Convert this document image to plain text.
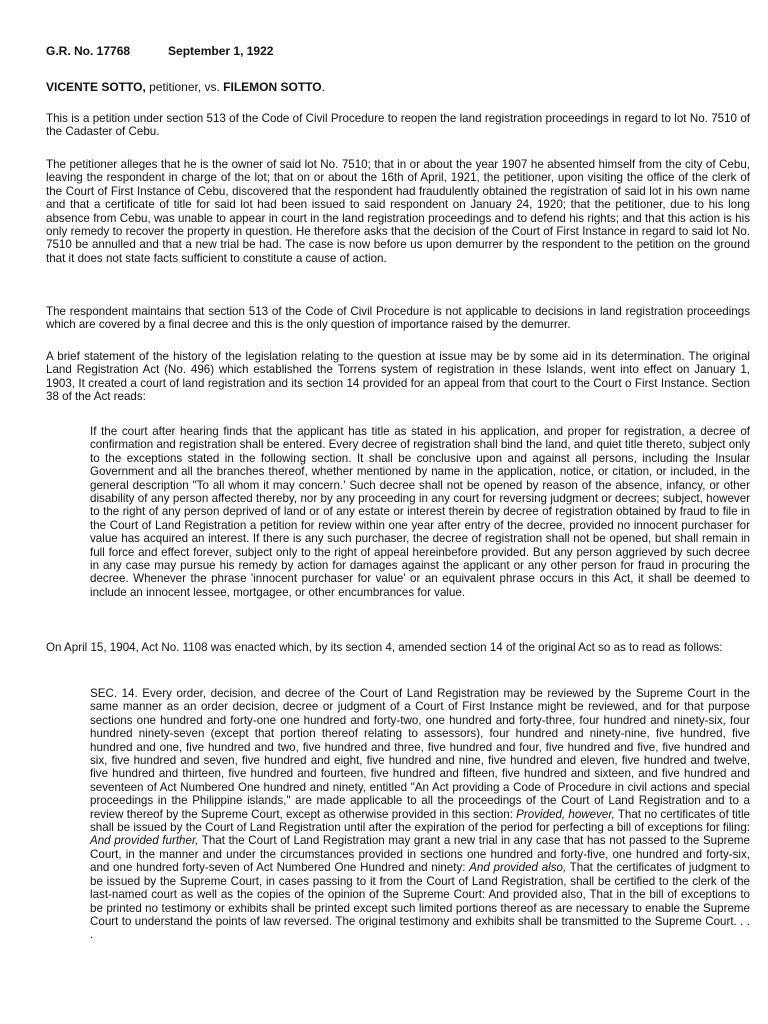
G.R. No. 17768	September 1, 1922

VICENTE SOTTO, petitioner, vs. FILEMON SOTTO.

This is a petition under section 513 of the Code of Civil Procedure to reopen the land registration proceedings in regard to lot No. 7510 of the Cadaster of Cebu.

The petitioner alleges that he is the owner of said lot No. 7510; that in or about the year 1907 he absented himself from the city of Cebu, leaving the respondent in charge of the lot; that on or about the 16th of April, 1921, the petitioner, upon visiting the office of the clerk of the Court of First Instance of Cebu, discovered that the respondent had fraudulently obtained the registration of said lot in his own name and that a certificate of title for said lot had been issued to said respondent on January 24, 1920; that the petitioner, due to his long absence from Cebu, was unable to appear in court in the land registration proceedings and to defend his rights; and that this action is his only remedy to recover the property in question. He therefore asks that the decision of the Court of First Instance in regard to said lot No. 7510 be annulled and that a new trial be had. The case is now before us upon demurrer by the respondent to the petition on the ground that it does not state facts sufficient to constitute a cause of action.

The respondent maintains that section 513 of the Code of Civil Procedure is not applicable to decisions in land registration proceedings which are covered by a final decree and this is the only question of importance raised by the demurrer.

A brief statement of the history of the legislation relating to the question at issue may be by some aid in its determination. The original Land Registration Act (No. 496) which established the Torrens system of registration in these Islands, went into effect on January 1, 1903, It created a court of land registration and its section 14 provided for an appeal from that court to the Court o First Instance. Section 38 of the Act reads:

If the court after hearing finds that the applicant has title as stated in his application, and proper for registration, a decree of confirmation and registration shall be entered. Every decree of registration shall bind the land, and quiet title thereto, subject only to the exceptions stated in the following section. It shall be conclusive upon and against all persons, including the Insular Government and all the branches thereof, whether mentioned by name in the application, notice, or citation, or included, in the general description "To all whom it may concern.' Such decree shall not be opened by reason of the absence, infancy, or other disability of any person affected thereby, nor by any proceeding in any court for reversing judgment or decrees; subject, however to the right of any person deprived of land or of any estate or interest therein by decree of registration obtained by fraud to file in the Court of Land Registration a petition for review within one year after entry of the decree, provided no innocent purchaser for value has acquired an interest. If there is any such purchaser, the decree of registration shall not be opened, but shall remain in full force and effect forever, subject only to the right of appeal hereinbefore provided. But any person aggrieved by such decree in any case may pursue his remedy by action for damages against the applicant or any other person for fraud in procuring the decree. Whenever the phrase 'innocent purchaser for value' or an equivalent phrase occurs in this Act, it shall be deemed to include an innocent lessee, mortgagee, or other encumbrances for value.

On April 15, 1904, Act No. 1108 was enacted which, by its section 4, amended section 14 of the original Act so as to read as follows:

SEC. 14. Every order, decision, and decree of the Court of Land Registration may be reviewed by the Supreme Court in the same manner as an order decision, decree or judgment of a Court of First Instance might be reviewed, and for that purpose sections one hundred and forty-one one hundred and forty-two, one hundred and forty-three, four hundred and ninety-six, four hundred ninety-seven (except that portion thereof relating to assessors), four hundred and ninety-nine, five hundred, five hundred and one, five hundred and two, five hundred and three, five hundred and four, five hundred and five, five hundred and six, five hundred and seven, five hundred and eight, five hundred and nine, five hundred and eleven, five hundred and twelve, five hundred and thirteen, five hundred and fourteen, five hundred and fifteen, five hundred and sixteen, and five hundred and seventeen of Act Numbered One hundred and ninety, entitled "An Act providing a Code of Procedure in civil actions and special proceedings in the Philippine islands," are made applicable to all the proceedings of the Court of Land Registration and to a review thereof by the Supreme Court, except as otherwise provided in this section: Provided, however, That no certificates of title shall be issued by the Court of Land Registration until after the expiration of the period for perfecting a bill of exceptions for filing: And provided further, That the Court of Land Registration may grant a new trial in any case that has not passed to the Supreme Court, in the manner and under the circumstances provided in sections one hundred and forty-five, one hundred and forty-six, and one hundred forty-seven of Act Numbered One Hundred and ninety: And provided also, That the certificates of judgment to be issued by the Supreme Court, in cases passing to it from the Court of Land Registration, shall be certified to the clerk of the last-named court as well as the copies of the opinion of the Supreme Court: And provided also, That in the bill of exceptions to be printed no testimony or exhibits shall be printed except such limited portions thereof as are necessary to enable the Supreme Court to understand the points of law reversed. The original testimony and exhibits shall be transmitted to the Supreme Court. . . .
